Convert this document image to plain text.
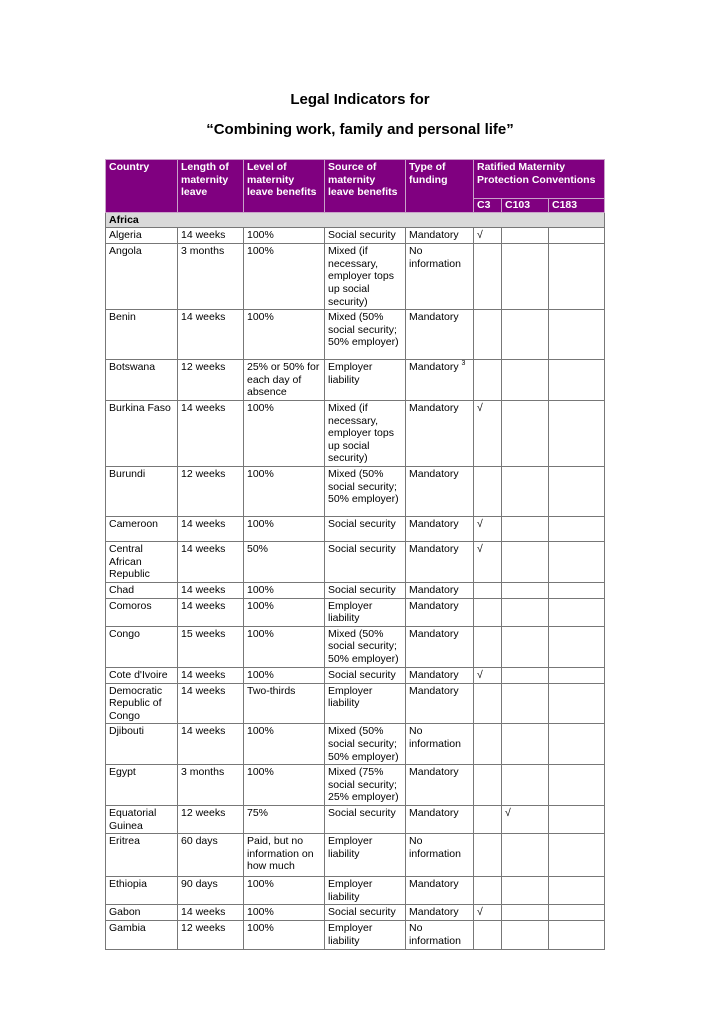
Legal Indicators for
“Combining work, family and personal life”
Country	Length of maternity leave	Level of maternity leave benefits	Source of maternity leave benefits	Type of funding	Ratified Maternity Protection Conventions		
					C3	C103	C183
Africa							
Algeria	14 weeks	100%	Social security	Mandatory	√		
Angola	3 months	100%	Mixed (if necessary, employer tops up social security)	No information			
Benin	14 weeks	100%	Mixed (50% social security; 50% employer)	Mandatory			
Botswana	12 weeks	25% or 50% for each day of absence	Employer liability	Mandatory $^3$			
Burkina Faso	14 weeks	100%	Mixed (if necessary, employer tops up social security)	Mandatory	√		
Burundi	12 weeks	100%	Mixed (50% social security; 50% employer)	Mandatory			
Cameroon	14 weeks	100%	Social security	Mandatory	√		
Central African Republic	14 weeks	50%	Social security	Mandatory	√		
Chad	14 weeks	100%	Social security	Mandatory			
Comoros	14 weeks	100%	Employer liability	Mandatory			
Congo	15 weeks	100%	Mixed (50% social security; 50% employer)	Mandatory			
Cote d'Ivoire	14 weeks	100%	Social security	Mandatory	√		
Democratic Republic of Congo	14 weeks	Two-thirds	Employer liability	Mandatory			
Djibouti	14 weeks	100%	Mixed (50% social security; 50% employer)	No information			
Egypt	3 months	100%	Mixed (75% social security; 25% employer)	Mandatory			
Equatorial Guinea	12 weeks	75%	Social security	Mandatory		√	
Eritrea	60 days	Paid, but no information on how much	Employer liability	No information			
Ethiopia	90 days	100%	Employer liability	Mandatory			
Gabon	14 weeks	100%	Social security	Mandatory	√		
Gambia	12 weeks	100%	Employer liability	No information			
